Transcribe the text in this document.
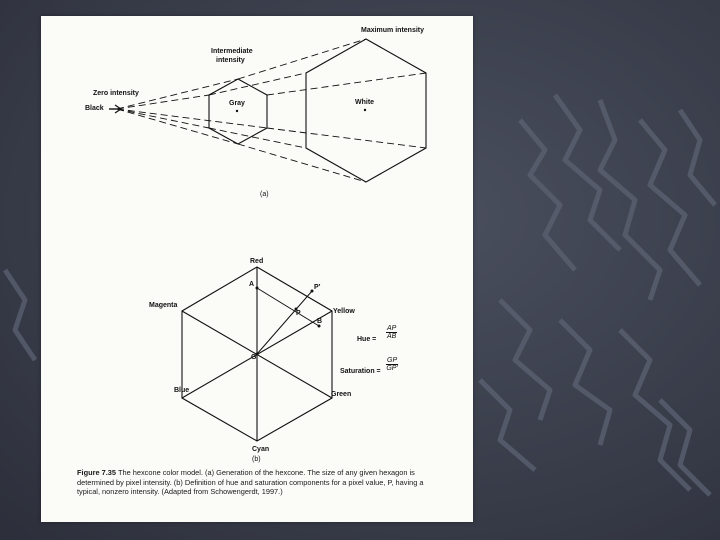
Maximum intensity
Intermediate
intensity
Zero intensity
Black
Gray	White
(a)
Red
Magenta
Yellow
Blue
Green
Cyan
A
P
P′
B
G
Hue = $\frac{AP}{AB}$
Saturation = $\frac{GP}{GP'}$
(b)
Figure 7.35 The hexcone color model. (a) Generation of the hexcone. The size of any given hexagon is determined by pixel intensity. (b) Definition of hue and saturation components for a pixel value, P, having a typical, nonzero intensity. (Adapted from Schowengerdt, 1997.)
